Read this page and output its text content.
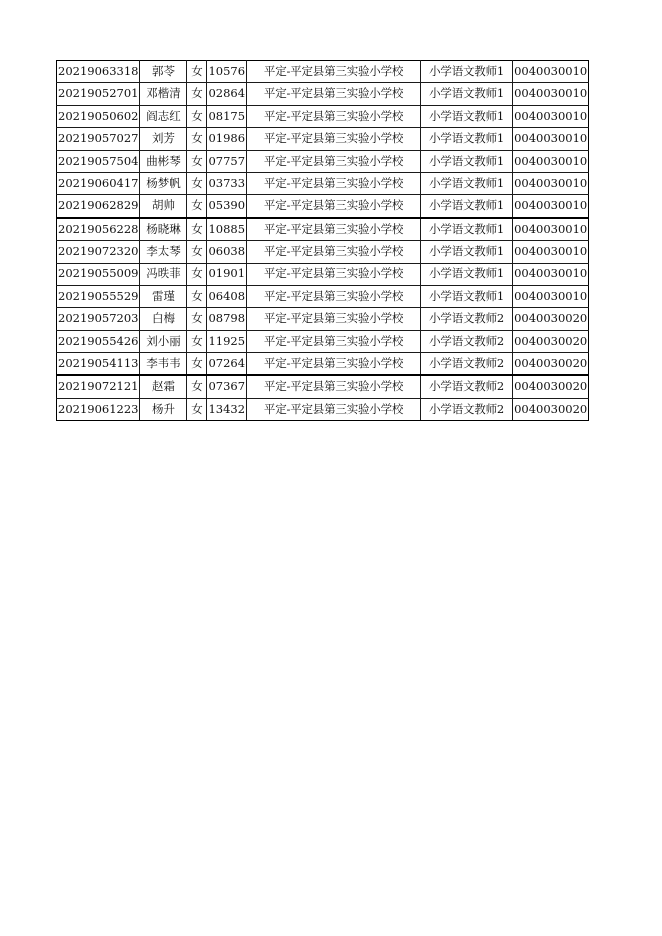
20219063318	郭苓	女	10576	平定-平定县第三实验小学校	小学语文教师1	0040030010
20219052701	邓楷清	女	02864	平定-平定县第三实验小学校	小学语文教师1	0040030010
20219050602	阎志红	女	08175	平定-平定县第三实验小学校	小学语文教师1	0040030010
20219057027	刘芳	女	01986	平定-平定县第三实验小学校	小学语文教师1	0040030010
20219057504	曲彬琴	女	07757	平定-平定县第三实验小学校	小学语文教师1	0040030010
20219060417	杨梦帆	女	03733	平定-平定县第三实验小学校	小学语文教师1	0040030010
20219062829	胡帅	女	05390	平定-平定县第三实验小学校	小学语文教师1	0040030010
20219056228	杨晓琳	女	10885	平定-平定县第三实验小学校	小学语文教师1	0040030010
20219072320	李太琴	女	06038	平定-平定县第三实验小学校	小学语文教师1	0040030010
20219055009	冯昳菲	女	01901	平定-平定县第三实验小学校	小学语文教师1	0040030010
20219055529	雷瑾	女	06408	平定-平定县第三实验小学校	小学语文教师1	0040030010
20219057203	白梅	女	08798	平定-平定县第三实验小学校	小学语文教师2	0040030020
20219055426	刘小丽	女	11925	平定-平定县第三实验小学校	小学语文教师2	0040030020
20219054113	李韦韦	女	07264	平定-平定县第三实验小学校	小学语文教师2	0040030020
20219072121	赵霜	女	07367	平定-平定县第三实验小学校	小学语文教师2	0040030020
20219061223	杨升	女	13432	平定-平定县第三实验小学校	小学语文教师2	0040030020
